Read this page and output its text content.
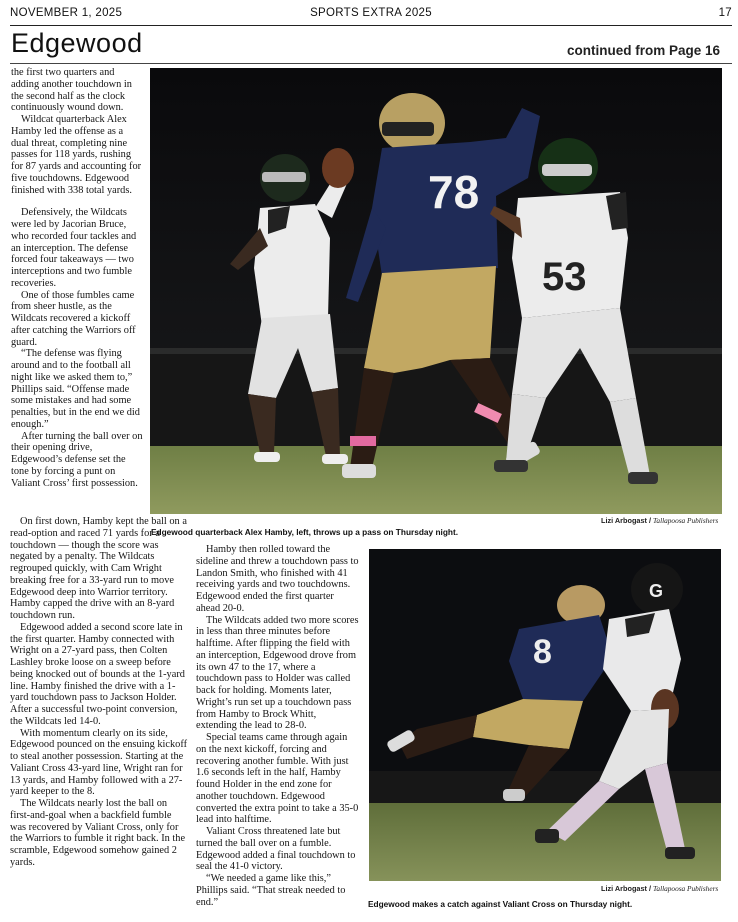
NOVEMBER 1, 2025	SPORTS EXTRA 2025	17
Edgewood	continued from Page 16

the first two quarters and adding another touchdown in the second half as the clock continuously wound down.

Wildcat quarterback Alex Hamby led the offense as a dual threat, completing nine passes for 118 yards, rushing for 87 yards and accounting for five touchdowns. Edgewood finished with 338 total yards.

Defensively, the Wildcats were led by Jacorian Bruce, who recorded four tackles and an interception. The defense forced four takeaways — two interceptions and two fumble recoveries.

One of those fumbles came from sheer hustle, as the Wildcats recovered a kickoff after catching the Warriors off guard.

“The defense was flying around and to the football all night like we asked them to,” Phillips said. “Offense made some mistakes and had some penalties, but in the end we did enough.”

After turning the ball over on their opening drive, Edgewood’s defense set the tone by forcing a punt on Valiant Cross’ first possession.

On first down, Hamby kept the ball on a read-option and raced 71 yards for a touchdown — though the score was negated by a penalty. The Wildcats regrouped quickly, with Cam Wright breaking free for a 33-yard run to move Edgewood deep into Warrior territory. Hamby capped the drive with an 8-yard touchdown run.

Edgewood added a second score late in the first quarter. Hamby connected with Wright on a 27-yard pass, then Colten Lashley broke loose on a sweep before being knocked out of bounds at the 1-yard line. Hamby finished the drive with a 1-yard touchdown pass to Jackson Holder. After a successful two-point conversion, the Wildcats led 14-0.

With momentum clearly on its side, Edgewood pounced on the ensuing kickoff to steal another possession. Starting at the Valiant Cross 43-yard line, Wright ran for 13 yards, and Hamby followed with a 27-yard keeper to the 8.

The Wildcats nearly lost the ball on first-and-goal when a backfield fumble was recovered by Valiant Cross, only for the Warriors to fumble it right back. In the scramble, Edgewood somehow gained 2 yards.

Hamby then rolled toward the sideline and threw a touchdown pass to Landon Smith, who finished with 41 receiving yards and two touchdowns. Edgewood ended the first quarter ahead 20-0.

The Wildcats added two more scores in less than three minutes before halftime. After flipping the field with an interception, Edgewood drove from its own 47 to the 17, where a touchdown pass to Holder was called back for holding. Moments later, Wright’s run set up a touchdown pass from Hamby to Brock Whitt, extending the lead to 28-0.

Special teams came through again on the next kickoff, forcing and recovering another fumble. With just 1.6 seconds left in the half, Hamby found Holder in the end zone for another touchdown. Edgewood converted the extra point to take a 35-0 lead into halftime.

Valiant Cross threatened late but turned the ball over on a fumble. Edgewood added a final touchdown to seal the 41-0 victory.

“We needed a game like this,” Phillips said. “That streak needed to end.”

78
53
Lizi Arbogast / Tallapoosa Publishers
Edgewood quarterback Alex Hamby, left, throws up a pass on Thursday night.
8
G
Lizi Arbogast / Tallapoosa Publishers
Edgewood makes a catch against Valiant Cross on Thursday night.
